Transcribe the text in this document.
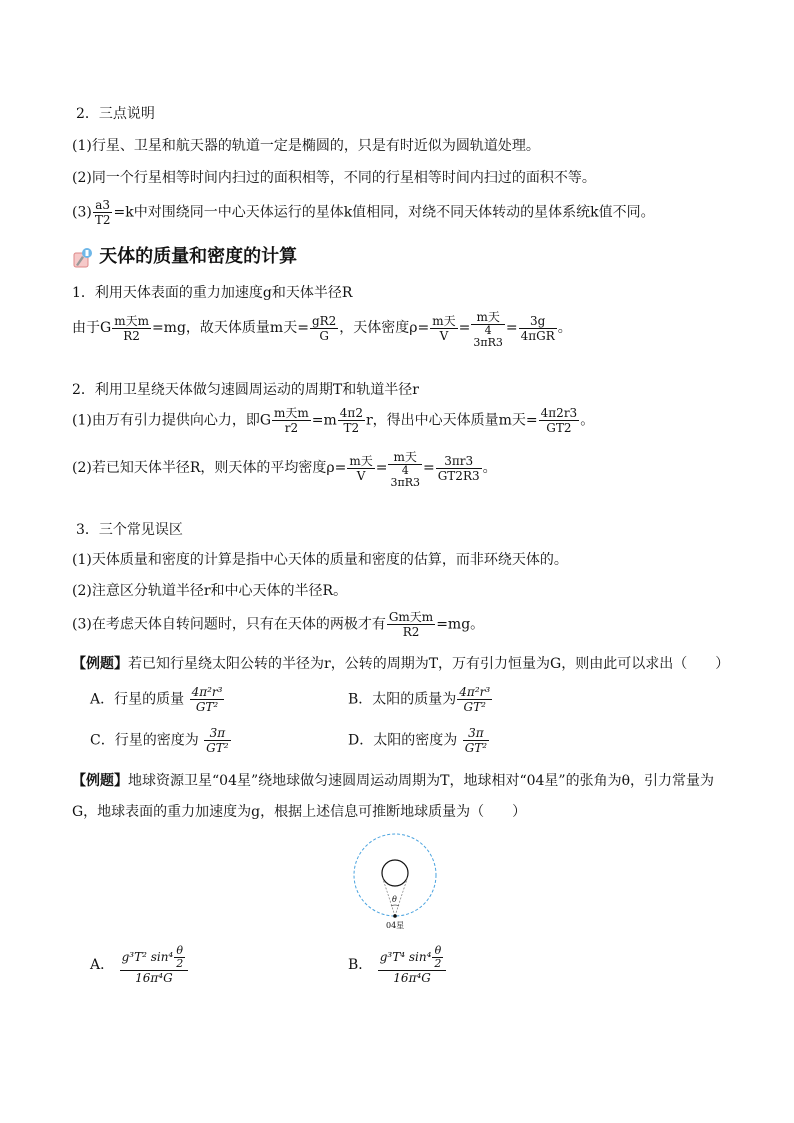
2．三点说明
(1)行星、卫星和航天器的轨道一定是椭圆的，只是有时近似为圆轨道处理。
(2)同一个行星相等时间内扫过的面积相等，不同的行星相等时间内扫过的面积不等。
$(3) \frac{a3}{T2} =k$中对围绕同一中心天体运行的星体k值相同，对绕不同天体转动的星体系统k值不同。
天体的质量和密度的计算
1．利用天体表面的重力加速度g和天体半径R
由于G $\frac{\text{m天m}}{R2} =mg$，故天体质量m天= $\frac{gR2}{G}$ ，天体密度$\rho= \frac{\text{m天}}{V} = m$天
4
$3\pi R3 = \frac{3g}{\text{4πGR}}$ 。
2．利用卫星绕天体做匀速圆周运动的周期T和轨道半径r
(1)由万有引力提供向心力，即G $\frac{\text{m天m}}{r2} =m \frac{4\pi 2}{T2}$ r，得出中心天体质量m天= $\frac{4\pi 2r3}{GT2}$ 。
(2)若已知天体半径R，则天体的平均密度$\rho= \frac{\text{m天}}{V} = m$天
4
$3\pi R3 = \frac{3\pi r3}{GT2R3}$ 。
3．三个常见误区
(1)天体质量和密度的计算是指中心天体的质量和密度的估算，而非环绕天体的。
(2)注意区分轨道半径r和中心天体的半径R。
(3)在考虑天体自转问题时，只有在天体的两极才有 $\frac{\text{Gm天m}}{R2} =mg$。
【例题】若已知行星绕太阳公转的半径为r，公转的周期为T，万有引力恒量为G，则由此可以求出（　　）
A．行星的质量 $\frac{\text{4π²r³}}{\text{GT²}}$	B．太阳的质量为 $\frac{\text{4π²r³}}{\text{GT²}}$
C．行星的密度为 $\frac{3\pi}{\text{GT²}}$	D．太阳的密度为 $\frac{3\pi}{\text{GT²}}$
【例题】地球资源卫星“04星”绕地球做匀速圆周运动周期为T，地球相对“04星”的张角为θ，引力常量为
G，地球表面的重力加速度为g，根据上述信息可推断地球质量为（　　）
θ
04星
A． $\frac{g^3T^2 \sin^4 \frac{\theta}{2}}{\text{16π⁴G}}$	B． $\frac{g^3T^4 \sin^4 \frac{\theta}{2}}{\text{16π⁴G}}$
